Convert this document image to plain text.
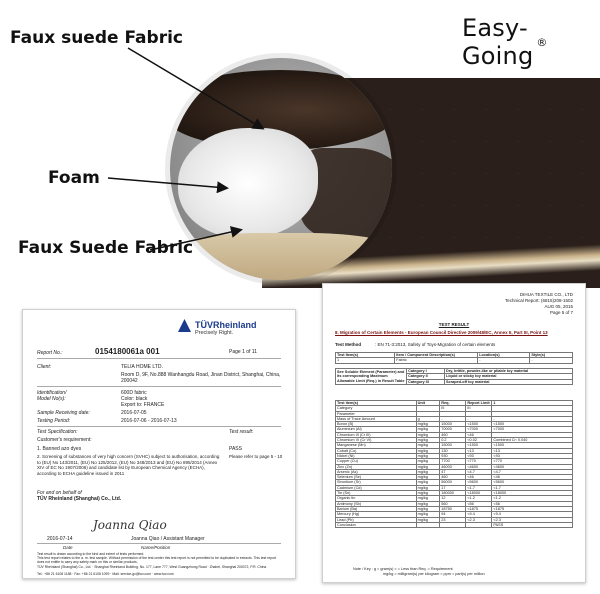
Easy-Going ®
Faux suede Fabric
Foam
Faux Suede Fabric
TÜVRheinland
Precisely Right.
Report No.:	0154180061a 001	Page 1 of 11
Client:	TELIA HOME LTD.
Room D, 9F, No.888 Wanhangdu Road, Jinan District, Shanghai, China, 200042
Identification/
Model No(s):
600D fabric
Color: black
Export to: FRANCE
Sample Receiving date:	2016-07-05
Testing Period:	2016-07-06 - 2016-07-13
Test Specification:	Test result:
Customer's requirement:
1. Banned azo dyes	PASS
2. Screening of substances of very high concern (SVHC) subject to authorisation, according to (EU) No 143/2011, (EU) No 125/2012, (EU) No 348/2013 and (EU) No 895/2014 (Annex XIV of EC No 1907/2006) and candidate list by European Chemical Agency (ECHA), according to ECHA guideline issued in 2011
Please refer to page 5 - 10
For and on behalf of
TÜV Rheinland (Shanghai) Co., Ltd.
Joanna Qiao
2016-07-14	Joanna Qiao / Assistant Manager
Date	Name/Position
Test result is drawn according to the kind and extent of tests performed.
This test report relates to the a. m. test sample. Without permission of the test center this test report is not permitted to be duplicated in extracts. This test report does not entitle to carry any safety mark on this or similar products.
TÜV Rheinland (Shanghai) Co., Ltd. · Shanghai Rheinland Building, No. 177, Lane 777, West Guangzhong Road · Zhabei, Shanghai 200072, P.R. China
Tel.: +86 21 6108 1188 · Fax: +86 21 6108 1099 · Mail: service-gc@tuv.com · www.tuv.com
DIHUA TEXTILE CO., LTD
Technical Report: (6815)208-1502
AUG 05, 2015
Page 5 of 7
TEST RESULT
8. Migration of Certain Elements - European Council Directive 2009/48/EC, Annex II, Part III, Point 13
Test Method	: EN 71-3:2013, Safety of Toys-Migration of certain elements
Test Item(s)	Item / Component Description(s)	Location(s)	Style(s)
1	Fabric	-	-
See Soluble Element (Parameter) and its corresponding Maximum Allowable Limit (Req.) in Result Table	Category I	Dry, brittle, powder-like or pliable toy material
	Category II	Liquid or sticky toy material
	Category III	Scraped-off toy material
Test item(s)	Unit	Req.	Report Limit	1
Category		III	III	
Parameter				
Mass of Trace Amount	g	-	-	-
Boron (B)	mg/kg	15000	<1500	<1500
Aluminium (Al)	mg/kg	70000	<7000	<7000
Chromium III (Cr III)	mg/kg	460	<46	
Chromium VI (Cr VI)	mg/kg	0.2	<0.02	Combined Cr: 0.040
Manganese (Mn)	mg/kg	15000	<1500	<1500
Cobalt (Co)	mg/kg	130	<13	<13
Nickel (Ni)	mg/kg	930	<93	<93
Copper (Cu)	mg/kg	7700	<770	<770
Zinc (Zn)	mg/kg	46000	<4600	<4600
Arsenic (As)	mg/kg	47	<4.7	<4.7
Selenium (Se)	mg/kg	460	<46	<46
Strontium (Sr)	mg/kg	56000	<5600	<5600
Cadmium (Cd)	mg/kg	17	<1.7	<1.7
Tin (Sn)	mg/kg	180000	<18000	<18000
Organic tin	mg/kg	12	<1.2	<1.2
Antimony (Sb)	mg/kg	560	<56	<56
Barium (Ba)	mg/kg	18750	<1875	<1875
Mercury (Hg)	mg/kg	94	<9.4	<9.4
Lead (Pb)	mg/kg	23	<2.3	<2.3
Conclusion				PASS
Note / Key : g = gram(s) < = Less than Req. = Requirement
mg/kg = milligram(s) per kilogram = ppm = part(s) per million
